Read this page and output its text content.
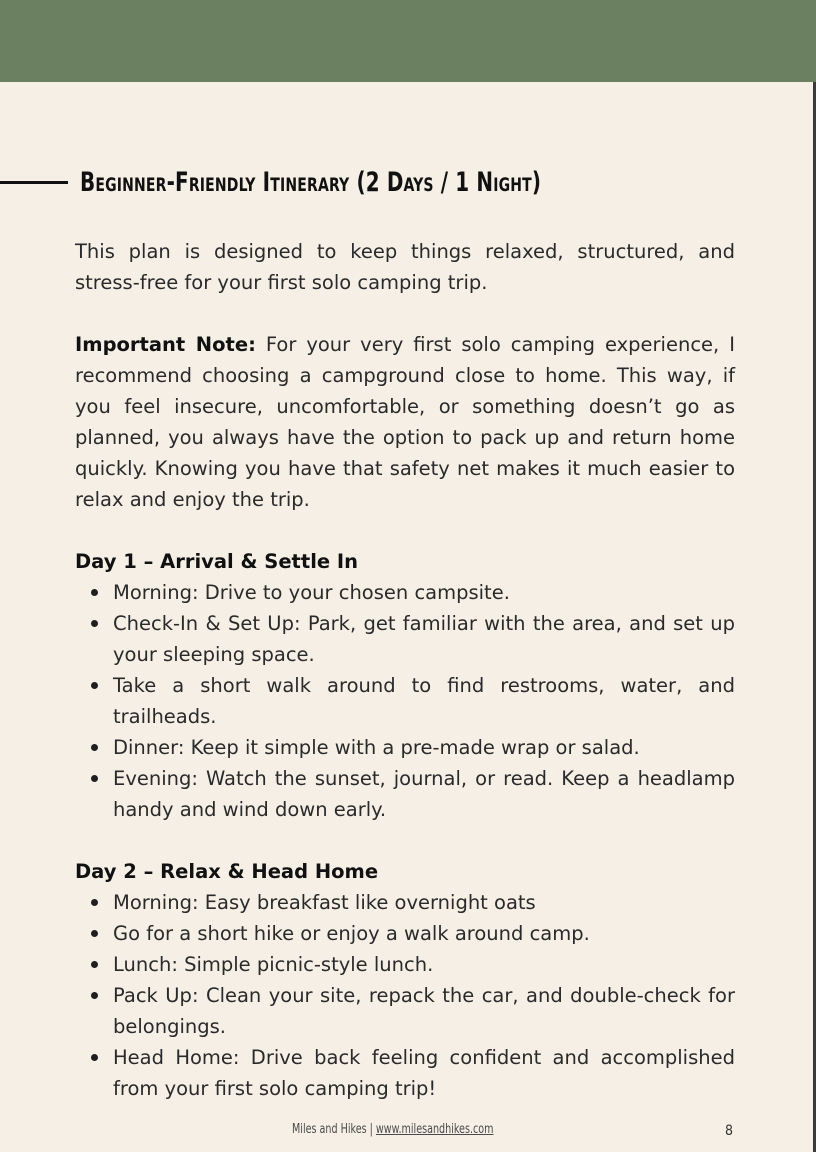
Beginner-Friendly Itinerary (2 Days / 1 Night)

This plan is designed to keep things relaxed, structured, and stress-free for your first solo camping trip.

Important Note: For your very first solo camping experience, I recommend choosing a campground close to home. This way, if you feel insecure, uncomfortable, or something doesn’t go as planned, you always have the option to pack up and return home quickly. Knowing you have that safety net makes it much easier to relax and enjoy the trip.

Day 1 – Arrival & Settle In
Morning: Drive to your chosen campsite.
Check-In & Set Up: Park, get familiar with the area, and set up your sleeping space.
Take a short walk around to find restrooms, water, and trailheads.
Dinner: Keep it simple with a pre-made wrap or salad.
Evening: Watch the sunset, journal, or read. Keep a headlamp handy and wind down early.
Day 2 – Relax & Head Home
Morning: Easy breakfast like overnight oats
Go for a short hike or enjoy a walk around camp.
Lunch: Simple picnic-style lunch.
Pack Up: Clean your site, repack the car, and double-check for belongings.
Head Home: Drive back feeling confident and accomplished from your first solo camping trip!
Miles and Hikes | www.milesandhikes.com	8
